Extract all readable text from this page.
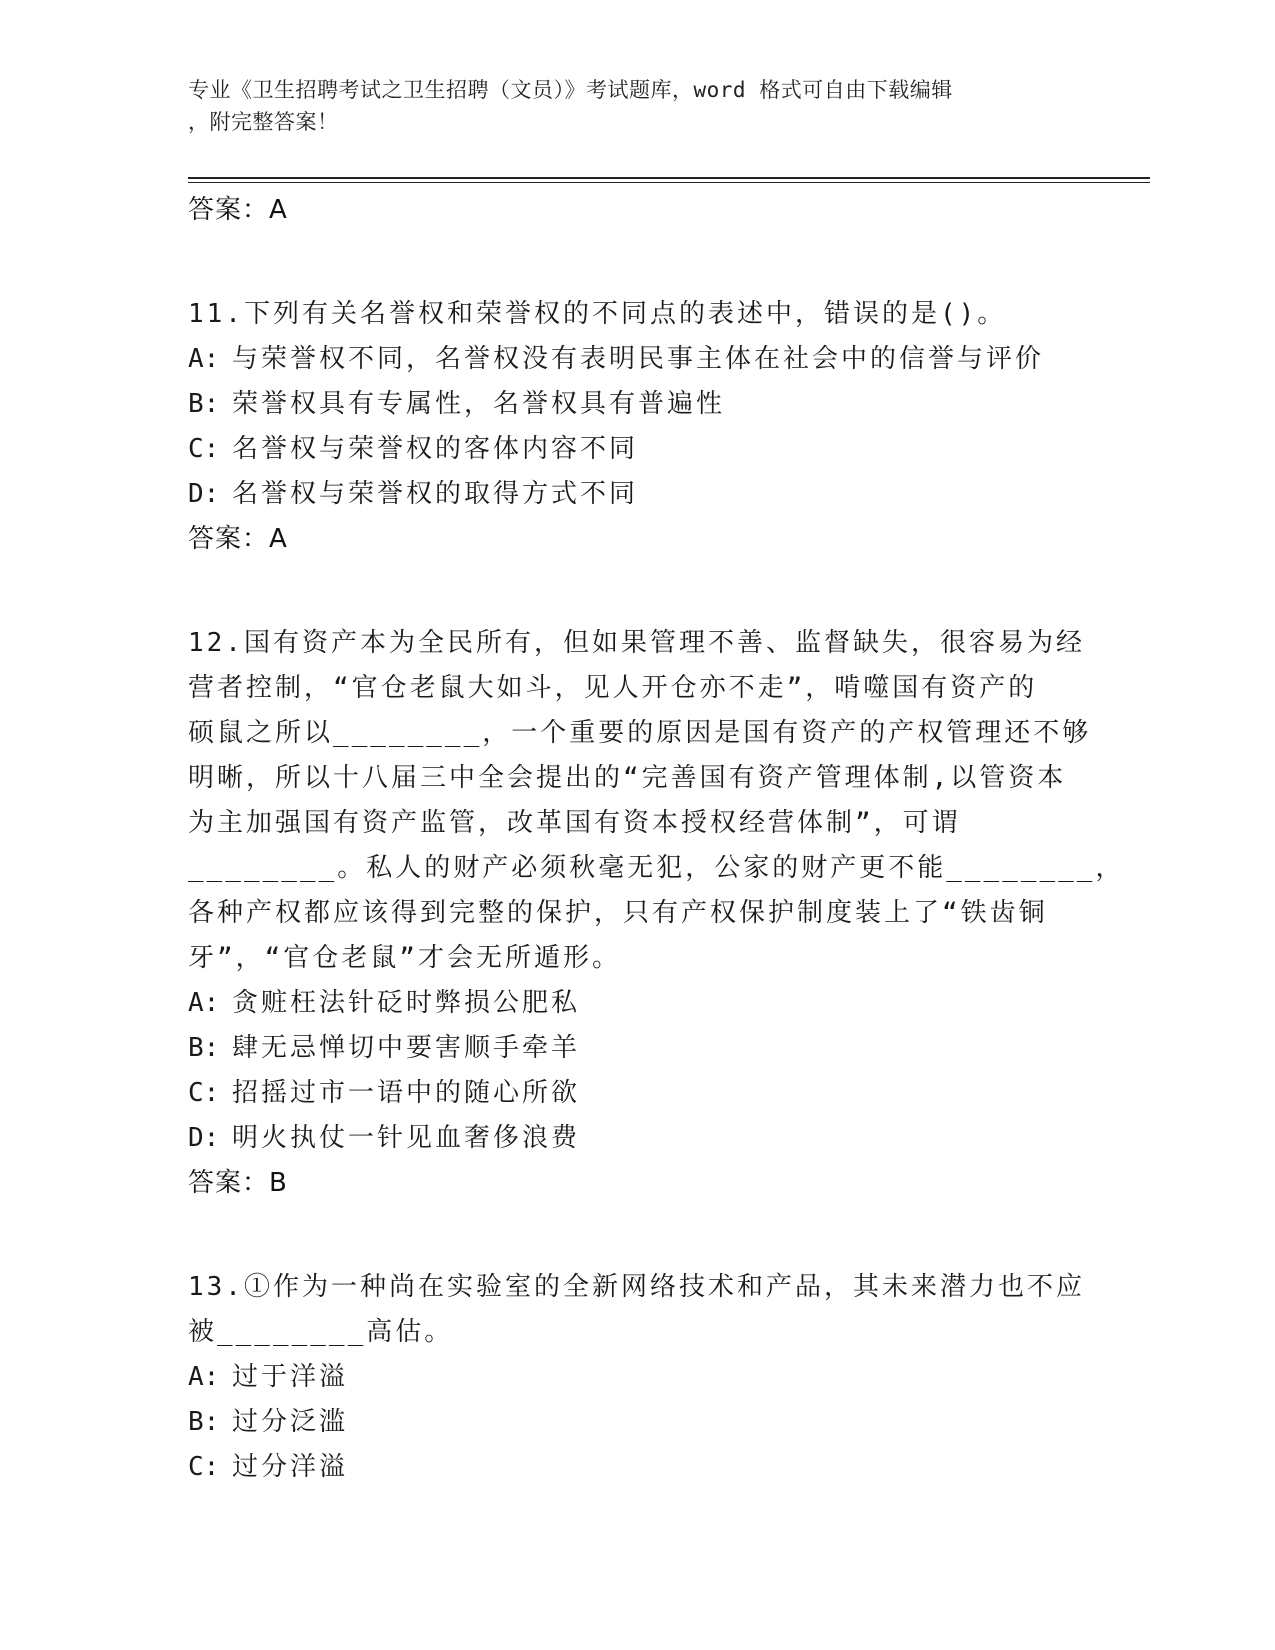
专业《卫生招聘考试之卫生招聘（文员）》考试题库，word 格式可自由下载编辑
，附完整答案！
答案：A
11.下列有关名誉权和荣誉权的不同点的表述中，错误的是()。
A: 与荣誉权不同，名誉权没有表明民事主体在社会中的信誉与评价
B: 荣誉权具有专属性，名誉权具有普遍性
C: 名誉权与荣誉权的客体内容不同
D: 名誉权与荣誉权的取得方式不同
答案：A
12.国有资产本为全民所有，但如果管理不善、监督缺失，很容易为经
营者控制，“官仓老鼠大如斗，见人开仓亦不走”，啃噬国有资产的
硕鼠之所以________，一个重要的原因是国有资产的产权管理还不够
明晰，所以十八届三中全会提出的“完善国有资产管理体制,以管资本
为主加强国有资产监管，改革国有资本授权经营体制”，可谓
________。私人的财产必须秋毫无犯，公家的财产更不能________，
各种产权都应该得到完整的保护，只有产权保护制度装上了“铁齿铜
牙”，“官仓老鼠”才会无所遁形。
A: 贪赃枉法针砭时弊损公肥私
B: 肆无忌惮切中要害顺手牵羊
C: 招摇过市一语中的随心所欲
D: 明火执仗一针见血奢侈浪费
答案：B
13.①作为一种尚在实验室的全新网络技术和产品，其未来潜力也不应
被________高估。
A: 过于洋溢
B: 过分泛滥
C: 过分洋溢
